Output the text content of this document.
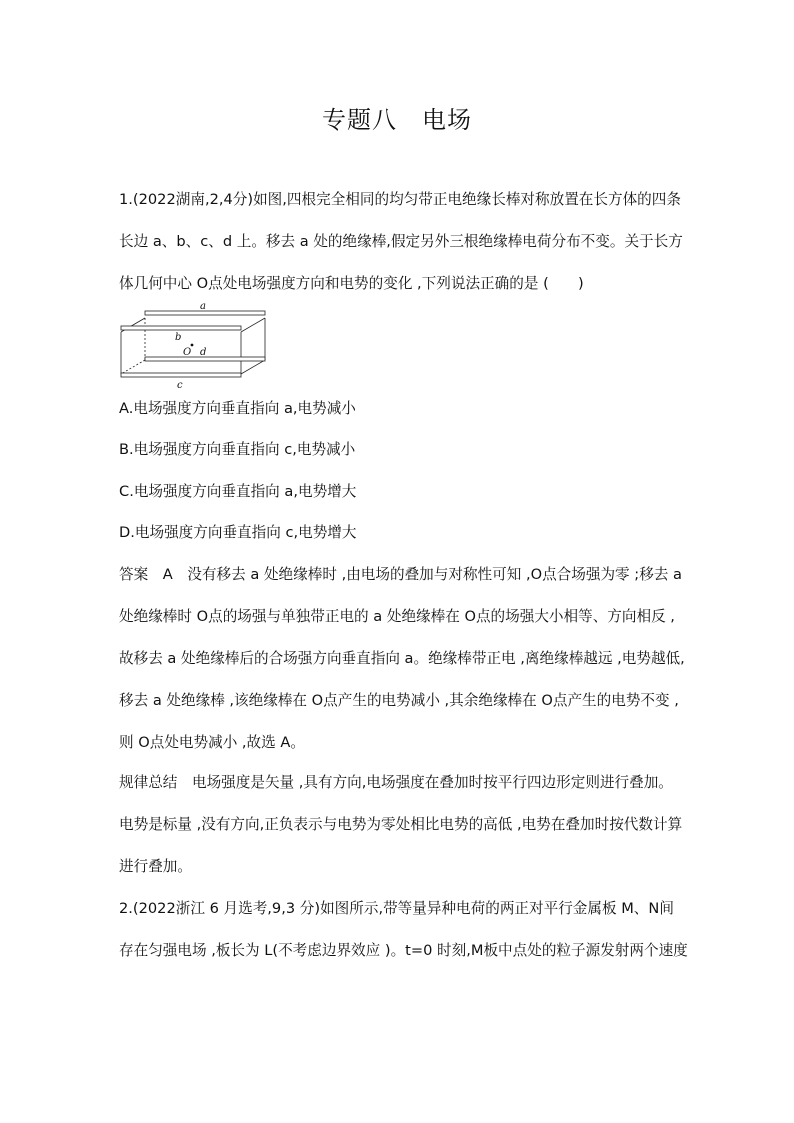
专题八　电场
1.(2022湖南,2,4分)如图,四根完全相同的均匀带正电绝缘长棒对称放置在长方体的四条
长边 a、b、c、d 上。移去 a 处的绝缘棒,假定另外三根绝缘棒电荷分布不变。关于长方
体几何中心 O点处电场强度方向和电势的变化 ,下列说法正确的是 (　　)
a
b
O d
c
A.电场强度方向垂直指向 a,电势减小
B.电场强度方向垂直指向 c,电势减小
C.电场强度方向垂直指向 a,电势增大
D.电场强度方向垂直指向 c,电势增大
答案　A　没有移去 a 处绝缘棒时 ,由电场的叠加与对称性可知 ,O点合场强为零 ;移去 a
处绝缘棒时 O点的场强与单独带正电的 a 处绝缘棒在 O点的场强大小相等、方向相反 ,
故移去 a 处绝缘棒后的合场强方向垂直指向 a。绝缘棒带正电 ,离绝缘棒越远 ,电势越低,
移去 a 处绝缘棒 ,该绝缘棒在 O点产生的电势减小 ,其余绝缘棒在 O点产生的电势不变 ,
则 O点处电势减小 ,故选 A。
规律总结　电场强度是矢量 ,具有方向,电场强度在叠加时按平行四边形定则进行叠加。
电势是标量 ,没有方向,正负表示与电势为零处相比电势的高低 ,电势在叠加时按代数计算
进行叠加。
2.(2022浙江 6 月选考,9,3 分)如图所示,带等量异种电荷的两正对平行金属板 M、N间
存在匀强电场 ,板长为 L(不考虑边界效应 )。t=0 时刻,M板中点处的粒子源发射两个速度
